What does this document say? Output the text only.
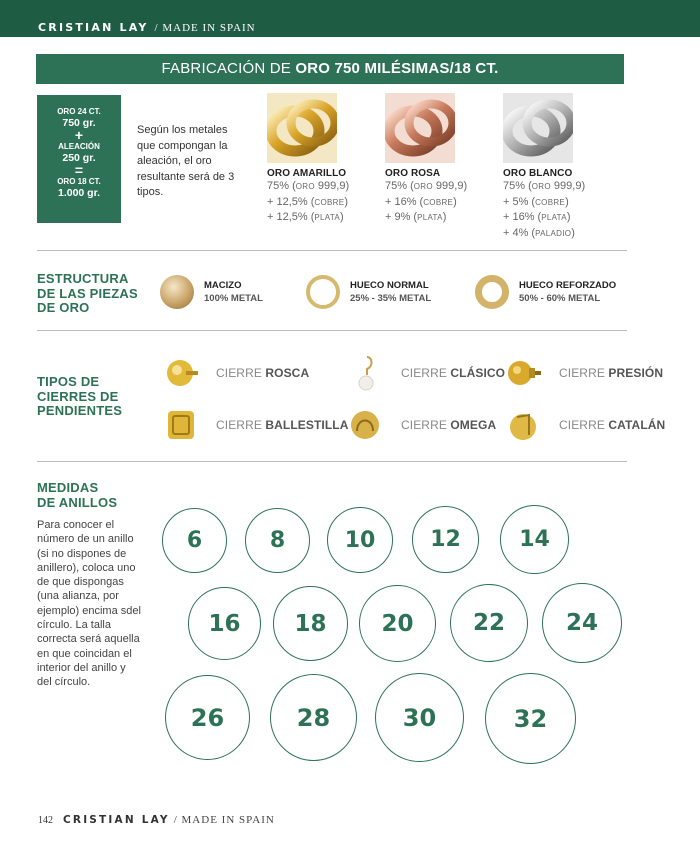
CRISTIAN LAY / MADE IN SPAIN
FABRICACIÓN DE ORO 750 MILÉSIMAS/18 CT.
ORO 24 CT.
750 gr.
+
ALEACIÓN
250 gr.
=
ORO 18 CT.
1.000 gr.
Según los metales que compongan la aleación, el oro resultante será de 3 tipos.
ORO AMARILLO
75% (ORO 999,9)
+ 12,5% (COBRE)
+ 12,5% (PLATA)
ORO ROSA
75% (ORO 999,9)
+ 16% (COBRE)
+ 9% (PLATA)
ORO BLANCO
75% (ORO 999,9)
+ 5% (COBRE)
+ 16% (PLATA)
+ 4% (PALADIO)
ESTRUCTURA
DE LAS PIEZAS
DE ORO
MACIZO
100% METAL
HUECO NORMAL
25% - 35% METAL
HUECO REFORZADO
50% - 60% METAL
TIPOS DE
CIERRES DE
PENDIENTES
CIERRE ROSCA	CIERRE CLÁSICO	CIERRE PRESIÓN
CIERRE BALLESTILLA	CIERRE OMEGA	CIERRE CATALÁN
MEDIDAS
DE ANILLOS
Para conocer el número de un anillo (si no dispones de anillero), coloca uno de que dispongas (una alianza, por ejemplo) encima sdel círculo. La talla correcta será aquella en que coincidan el interior del anillo y del círculo.
6	8	10	12	14
16	18	20	22	24
26	28	30	32
142 CRISTIAN LAY / MADE IN SPAIN
